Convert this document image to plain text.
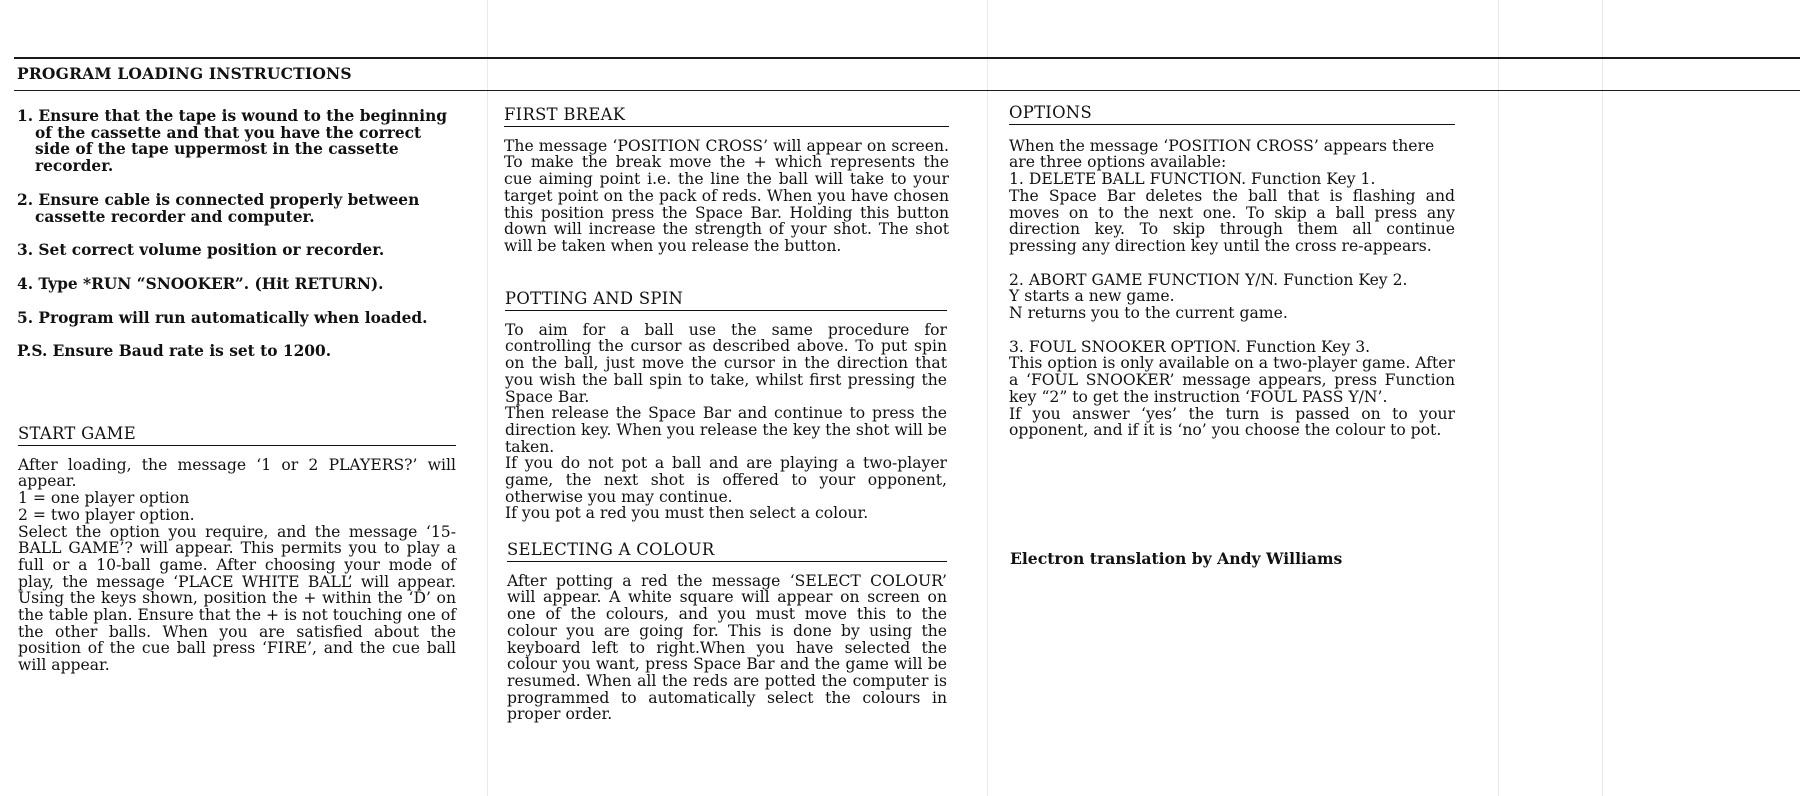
PROGRAM LOADING INSTRUCTIONS
1. Ensure that the tape is wound to the beginning of the cassette and that you have the correct side of the tape uppermost in the cassette recorder.
2. Ensure cable is connected properly between cassette recorder and computer.
3. Set correct volume position or recorder.
4. Type *RUN “SNOOKER”. (Hit RETURN).
5. Program will run automatically when loaded.

P.S. Ensure Baud rate is set to 1200.

START GAME

After loading, the message ‘1 or 2 PLAYERS?’ will appear.

1 = one player option

2 = two player option.

Select the option you require, and the message ‘15-BALL GAME’? will appear. This permits you to play a full or a 10-ball game. After choosing your mode of play, the message ‘PLACE WHITE BALL’ will appear. Using the keys shown, position the + within the ‘D’ on the table plan. Ensure that the + is not touching one of the other balls. When you are satisfied about the position of the cue ball press ‘FIRE’, and the cue ball will appear.

FIRST BREAK

The message ‘POSITION CROSS’ will appear on screen. To make the break move the + which represents the cue aiming point i.e. the line the ball will take to your target point on the pack of reds. When you have chosen this position press the Space Bar. Holding this button down will increase the strength of your shot. The shot will be taken when you release the button.

POTTING AND SPIN

To aim for a ball use the same procedure for controlling the cursor as described above. To put spin on the ball, just move the cursor in the direction that you wish the ball spin to take, whilst first pressing the Space Bar.

Then release the Space Bar and continue to press the direction key. When you release the key the shot will be taken.

If you do not pot a ball and are playing a two-player game, the next shot is offered to your opponent, otherwise you may continue.

If you pot a red you must then select a colour.

SELECTING A COLOUR

After potting a red the message ‘SELECT COLOUR’ will appear. A white square will appear on screen on one of the colours, and you must move this to the colour you are going for. This is done by using the keyboard left to right.When you have selected the colour you want, press Space Bar and the game will be resumed. When all the reds are potted the computer is programmed to automatically select the colours in proper order.

OPTIONS

When the message ‘POSITION CROSS’ appears there are three options available:

1. DELETE BALL FUNCTION. Function Key 1.

The Space Bar deletes the ball that is flashing and moves on to the next one. To skip a ball press any direction key. To skip through them all continue pressing any direction key until the cross re-appears.

2. ABORT GAME FUNCTION Y/N. Function Key 2.

Y starts a new game.

N returns you to the current game.

3. FOUL SNOOKER OPTION. Function Key 3.

This option is only available on a two-player game. After a ‘FOUL SNOOKER’ message appears, press Function key “2” to get the instruction ‘FOUL PASS Y/N’.

If you answer ‘yes’ the turn is passed on to your opponent, and if it is ‘no’ you choose the colour to pot.

Electron translation by Andy Williams
